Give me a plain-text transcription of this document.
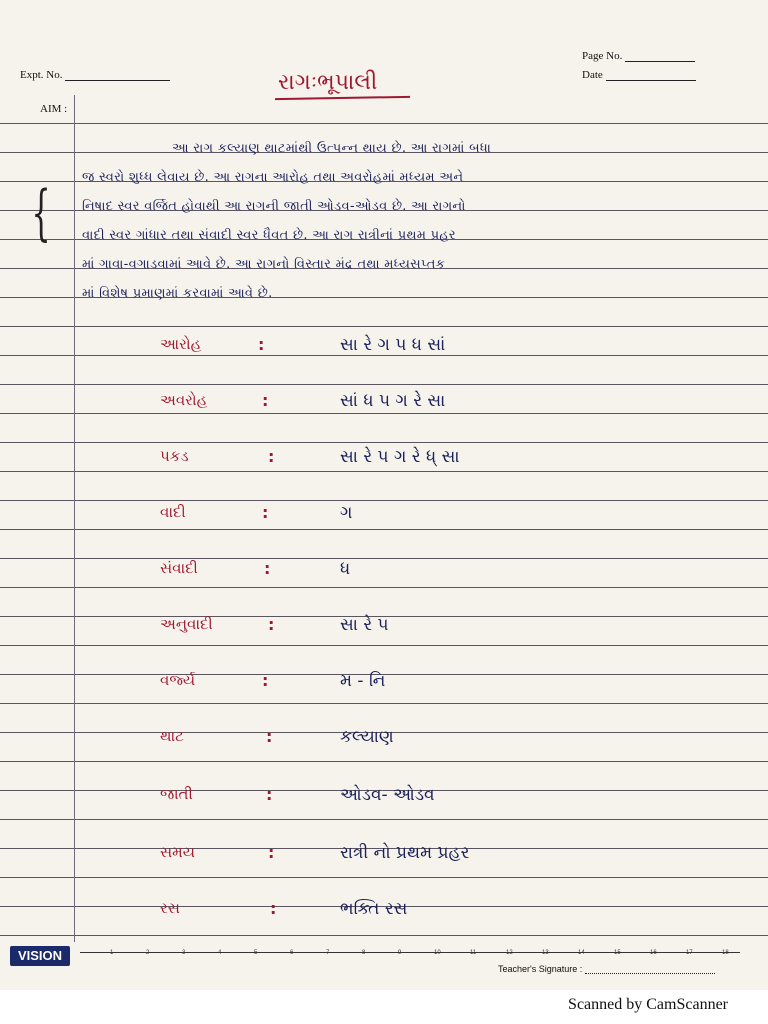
Page No.
Expt. No.	Date
રાગઃભૂપાલી
AIM :
{
આ રાગ કલ્યાણ થાટમાંથી ઉત્પન્ન થાય છે. આ રાગમાં બધા
જ સ્વરો શુધ્ધ લેવાય છે. આ રાગના આરોહ તથા અવરોહમાં મધ્યમ અને
નિષાદ સ્વર વર્જિત હોવાથી આ રાગની જાતી ઓડવ-ઓડવ છે. આ રાગનો
વાદી સ્વર ગાંધાર તથા સંવાદી સ્વર ધૈવત છે. આ રાગ રાત્રીનાં પ્રથમ પ્રહર
માં ગાવા-વગાડવામાં આવે છે. આ રાગનો વિસ્તાર મંદ્ર તથા મધ્યસપ્તક
માં વિશેષ પ્રમાણમાં કરવામાં આવે છે.
આરોહ	:	સા રે ગ પ ધ સાં
અવરોહ	:	સાં ધ પ ગ રે સા
પકડ	:	સા રે પ ગ રે ધ્ સા
વાદી	:	ગ
સંવાદી	:	ધ
અનુવાદી	:	સા રે પ
વર્જ્ય	:	મ - નિ
થાટ	:	કલ્યાણ
જાતી	:	ઓડવ- ઓડવ
સમય	:	રાત્રી નો પ્રથમ પ્રહર
રસ	:	ભક્તિ રસ
VISION	1	2	3	4	5	6	7	8	9	10	11	12	13	14	15	16	17	18
Teacher's Signature :
Scanned by CamScanner
